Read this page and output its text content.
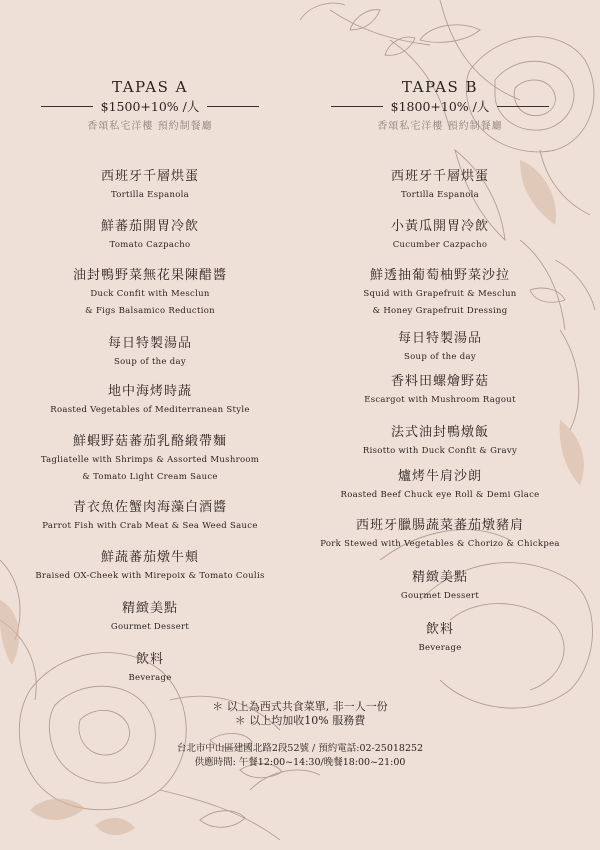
TAPAS A
$1500+10% /人
香頌私宅洋樓 預約制餐廳
西班牙千層烘蛋
Tortilla Espanola
鮮蕃茄開胃冷飲
Tomato Cazpacho
油封鴨野菜無花果陳醋醬
Duck Confit with Mesclun
& Figs Balsamico Reduction
每日特製湯品
Soup of the day
地中海烤時蔬
Roasted Vegetables of Mediterranean Style
鮮蝦野菇蕃茄乳酪緞帶麵
Tagliatelle with Shrimps & Assorted Mushroom
& Tomato Light Cream Sauce
青衣魚佐蟹肉海藻白酒醬
Parrot Fish with Crab Meat & Sea Weed Sauce
鮮蔬蕃茄燉牛頰
Braised OX-Cheek with Mirepoix & Tomato Coulis
精緻美點
Gourmet Dessert
飲料
Beverage
TAPAS B
$1800+10% /人
香頌私宅洋樓 預約制餐廳
西班牙千層烘蛋
Tortilla Espanola
小黃瓜開胃冷飲
Cucumber Cazpacho
鮮透抽葡萄柚野菜沙拉
Squid with Grapefruit & Mesclun
& Honey Grapefruit Dressing
每日特製湯品
Soup of the day
香料田螺燴野菇
Escargot with Mushroom Ragout
法式油封鴨燉飯
Risotto with Duck Confit & Gravy
爐烤牛肩沙朗
Roasted Beef Chuck eye Roll & Demi Glace
西班牙臘腸蔬菜蕃茄燉豬肩
Pork Stewed with Vegetables & Chorizo & Chickpea
精緻美點
Gourmet Dessert
飲料
Beverage
＊ 以上為西式共食菜單, 非一人一份
＊ 以上均加收10% 服務費
台北市中山區建國北路2段52號 / 預約電話:02-25018252
供應時間: 午餐12:00~14:30/晚餐18:00~21:00
